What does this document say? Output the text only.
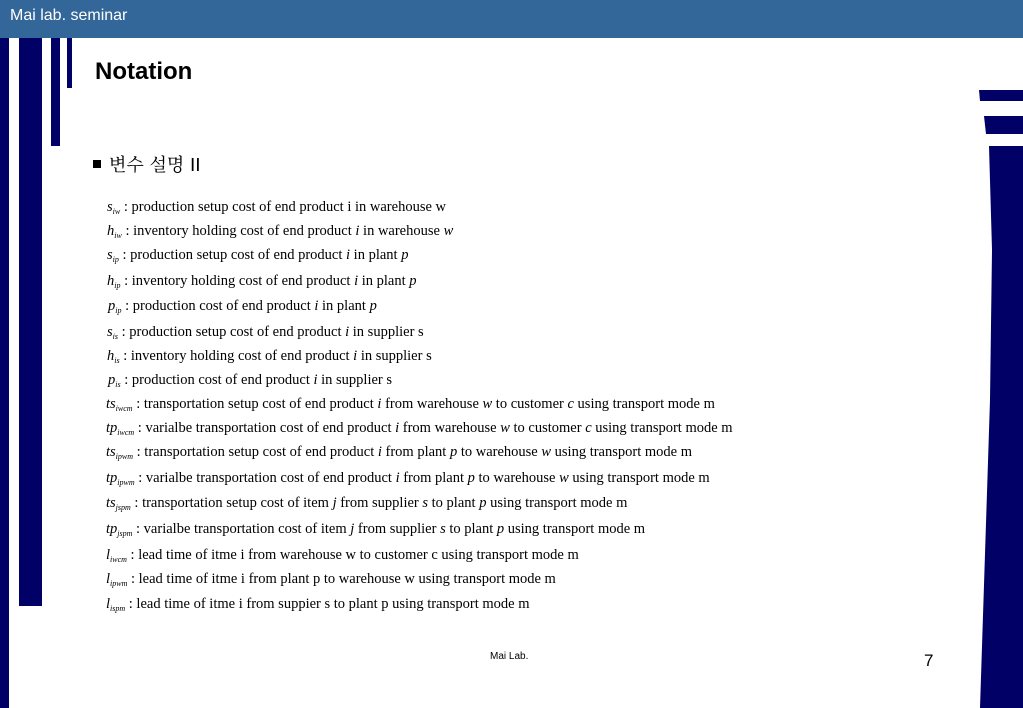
Mai lab. seminar
Notation
변수 설명 II
$s_{iw}$ : production setup cost of end product i in warehouse w
$h_{iw}$ : inventory holding cost of end product i in warehouse w
$s_{ip}$ : production setup cost of end product i in plant p
$h_{ip}$ : inventory holding cost of end product i in plant p
$p_{ip}$ : production cost of end product i in plant p
$s_{is}$ : production setup cost of end product i in supplier s
$h_{is}$ : inventory holding cost of end product i in supplier s
$p_{is}$ : production cost of end product i in supplier s
$ts_{iwcm}$ : transportation setup cost of end product i from warehouse w to customer c using transport mode m
$tp_{iwcm}$ : varialbe transportation cost of end product i from warehouse w to customer c using transport mode m
$ts_{ipwm}$ : transportation setup cost of end product i from plant p to warehouse w using transport mode m
$tp_{ipwm}$ : varialbe transportation cost of end product i from plant p to warehouse w using transport mode m
$ts_{jspm}$ : transportation setup cost of item j from supplier s to plant p using transport mode m
$tp_{jspm}$ : varialbe transportation cost of item j from supplier s to plant p using transport mode m
$l_{iwcm}$ : lead time of itme i from warehouse w to customer c using transport mode m
$l_{ipwm}$ : lead time of itme i from plant p to warehouse w using transport mode m
$l_{ispm}$ : lead time of itme i from suppier s to plant p using transport mode m
Mai Lab.	7
